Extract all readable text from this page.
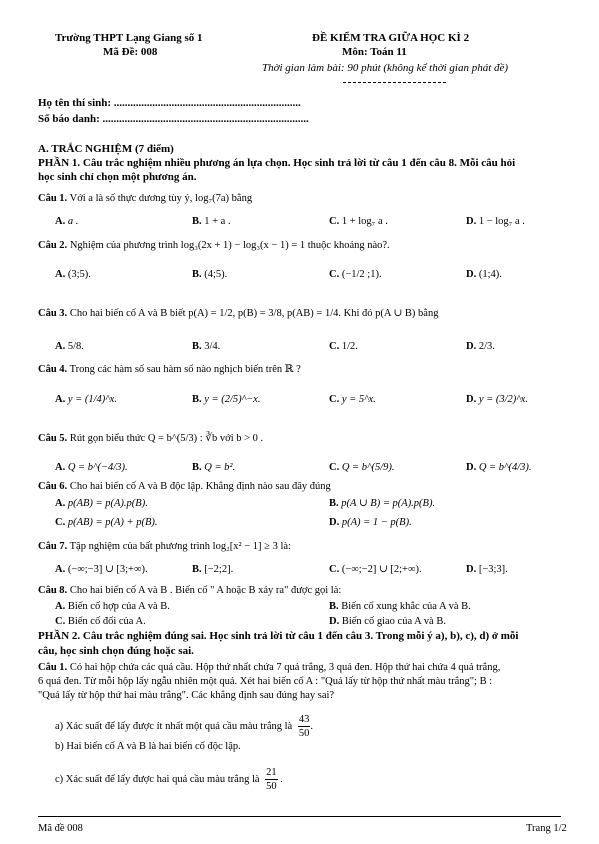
Trường THPT Lạng Giang số 1
Mã Đề: 008
ĐỀ KIỂM TRA GIỮA HỌC KÌ 2
Môn: Toán 11
Thời gian làm bài: 90 phút (không kể thời gian phát đề)
Họ tên thí sinh: ....................................................................
Số báo danh: ...........................................................................
A. TRẮC NGHIỆM (7 điểm)
PHẦN 1. Câu trắc nghiệm nhiều phương án lựa chọn. Học sinh trả lời từ câu 1 đến câu 8. Mỗi câu hỏi
học sinh chỉ chọn một phương án.
Câu 1. Với a là số thực dương tùy ý, log₇(7a) bằng
A. a .	B. 1 + a .	C. 1 + log₇ a .	D. 1 − log₇ a .
Câu 2. Nghiệm của phương trình log₃(2x + 1) − log₃(x − 1) = 1 thuộc khoảng nào?.
A. (3;5).	B. (4;5).	C. (−1/2 ;1).	D. (1;4).
Câu 3. Cho hai biến cố A và B biết p(A) = 1/2, p(B) = 3/8, p(AB) = 1/4. Khi đó p(A ∪ B) bằng
A. 5/8.	B. 3/4.	C. 1/2.	D. 2/3.
Câu 4. Trong các hàm số sau hàm số nào nghịch biến trên ℝ ?
A. y = (1/4)^x.	B. y = (2/5)^−x.	C. y = 5^x.	D. y = (3/2)^x.
Câu 5. Rút gọn biểu thức Q = b^(5/3) : ∛b với b > 0 .
A. Q = b^(−4/3).	B. Q = b².	C. Q = b^(5/9).	D. Q = b^(4/3).
Câu 6. Cho hai biến cố A và B độc lập. Khẳng định nào sau đây đúng
A. p(AB) = p(A).p(B).	B. p(A ∪ B) = p(A).p(B).
C. p(AB) = p(A) + p(B).	D. p(A) = 1 − p(B).
Câu 7. Tập nghiệm của bất phương trình log₂[x² − 1] ≥ 3 là:
A. (−∞;−3] ∪ [3;+∞).	B. [−2;2].	C. (−∞;−2] ∪ [2;+∞).	D. [−3;3].
Câu 8. Cho hai biến cố A và B . Biến cố " A hoặc B xảy ra" được gọi là:
A. Biến cố hợp của A và B.	B. Biến cố xung khắc của A và B.
C. Biến cố đối của A.	D. Biến cố giao của A và B.
PHẦN 2. Câu trắc nghiệm đúng sai. Học sinh trả lời từ câu 1 đến câu 3. Trong mỗi ý a), b), c), d) ở mỗi
câu, học sinh chọn đúng hoặc sai.
Câu 1. Có hai hộp chứa các quả cầu. Hộp thứ nhất chứa 7 quả trắng, 3 quả đen. Hộp thứ hai chứa 4 quả trắng,
6 quả đen. Từ mỗi hộp lấy ngẫu nhiên một quả. Xét hai biến cố A : "Quả lấy từ hộp thứ nhất màu trắng"; B :
"Quả lấy từ hộp thứ hai màu trắng". Các khẳng định sau đúng hay sai?
a) Xác suất để lấy được ít nhất một quả cầu màu trắng là $\frac{43}{50}$ .
b) Hai biến cố A và B là hai biến cố độc lập.
c) Xác suất để lấy được hai quả cầu màu trắng là $\frac{21}{50}$ .
Mã đề 008	Trang 1/2
